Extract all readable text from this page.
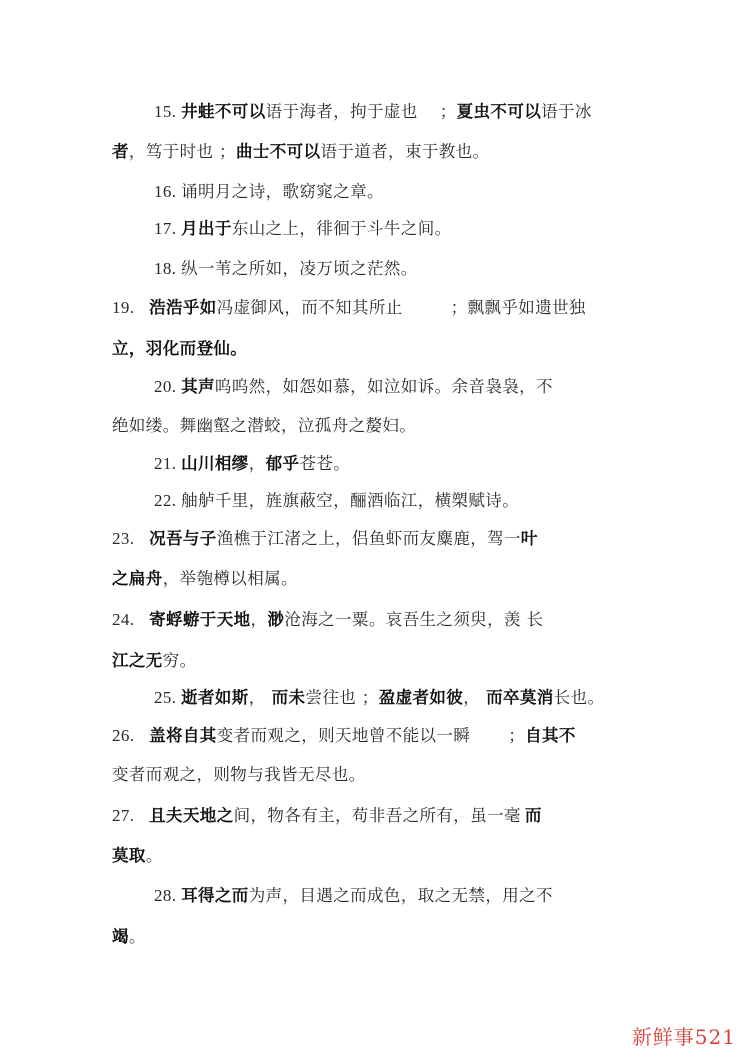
15. 井蛙不可以语于海者，拘于虚也 ；夏虫不可以语于冰
者，笃于时也 ；曲士不可以语于道者，束于教也。
16. 诵明月之诗，歌窈窕之章。
17. 月出于东山之上，徘徊于斗牛之间。
18. 纵一苇之所如，凌万顷之茫然。
19. 浩浩乎如冯虚御风，而不知其所止	；飘飘乎如遗世独
立，羽化而登仙。
20. 其声呜呜然，如怨如慕，如泣如诉。余音袅袅，不
绝如缕。舞幽壑之潜蛟，泣孤舟之嫠妇。
21. 山川相缪，郁乎苍苍。
22. 舳舻千里，旌旗蔽空，酾酒临江，横槊赋诗。
23. 况吾与子渔樵于江渚之上，侣鱼虾而友麋鹿，驾一叶
之扁舟，举匏樽以相属。
24. 寄蜉蝣于天地，渺沧海之一粟。哀吾生之须臾，羡 长
江之无穷。
25. 逝者如斯， 而未尝往也 ；盈虚者如彼， 而卒莫消长也。
26. 盖将自其变者而观之，则天地曾不能以一瞬 ；自其不
变者而观之，则物与我皆无尽也。
27. 且夫天地之间，物各有主，苟非吾之所有，虽一毫 而
莫取。
28. 耳得之而为声，目遇之而成色，取之无禁，用之不
竭。
新鲜事521
